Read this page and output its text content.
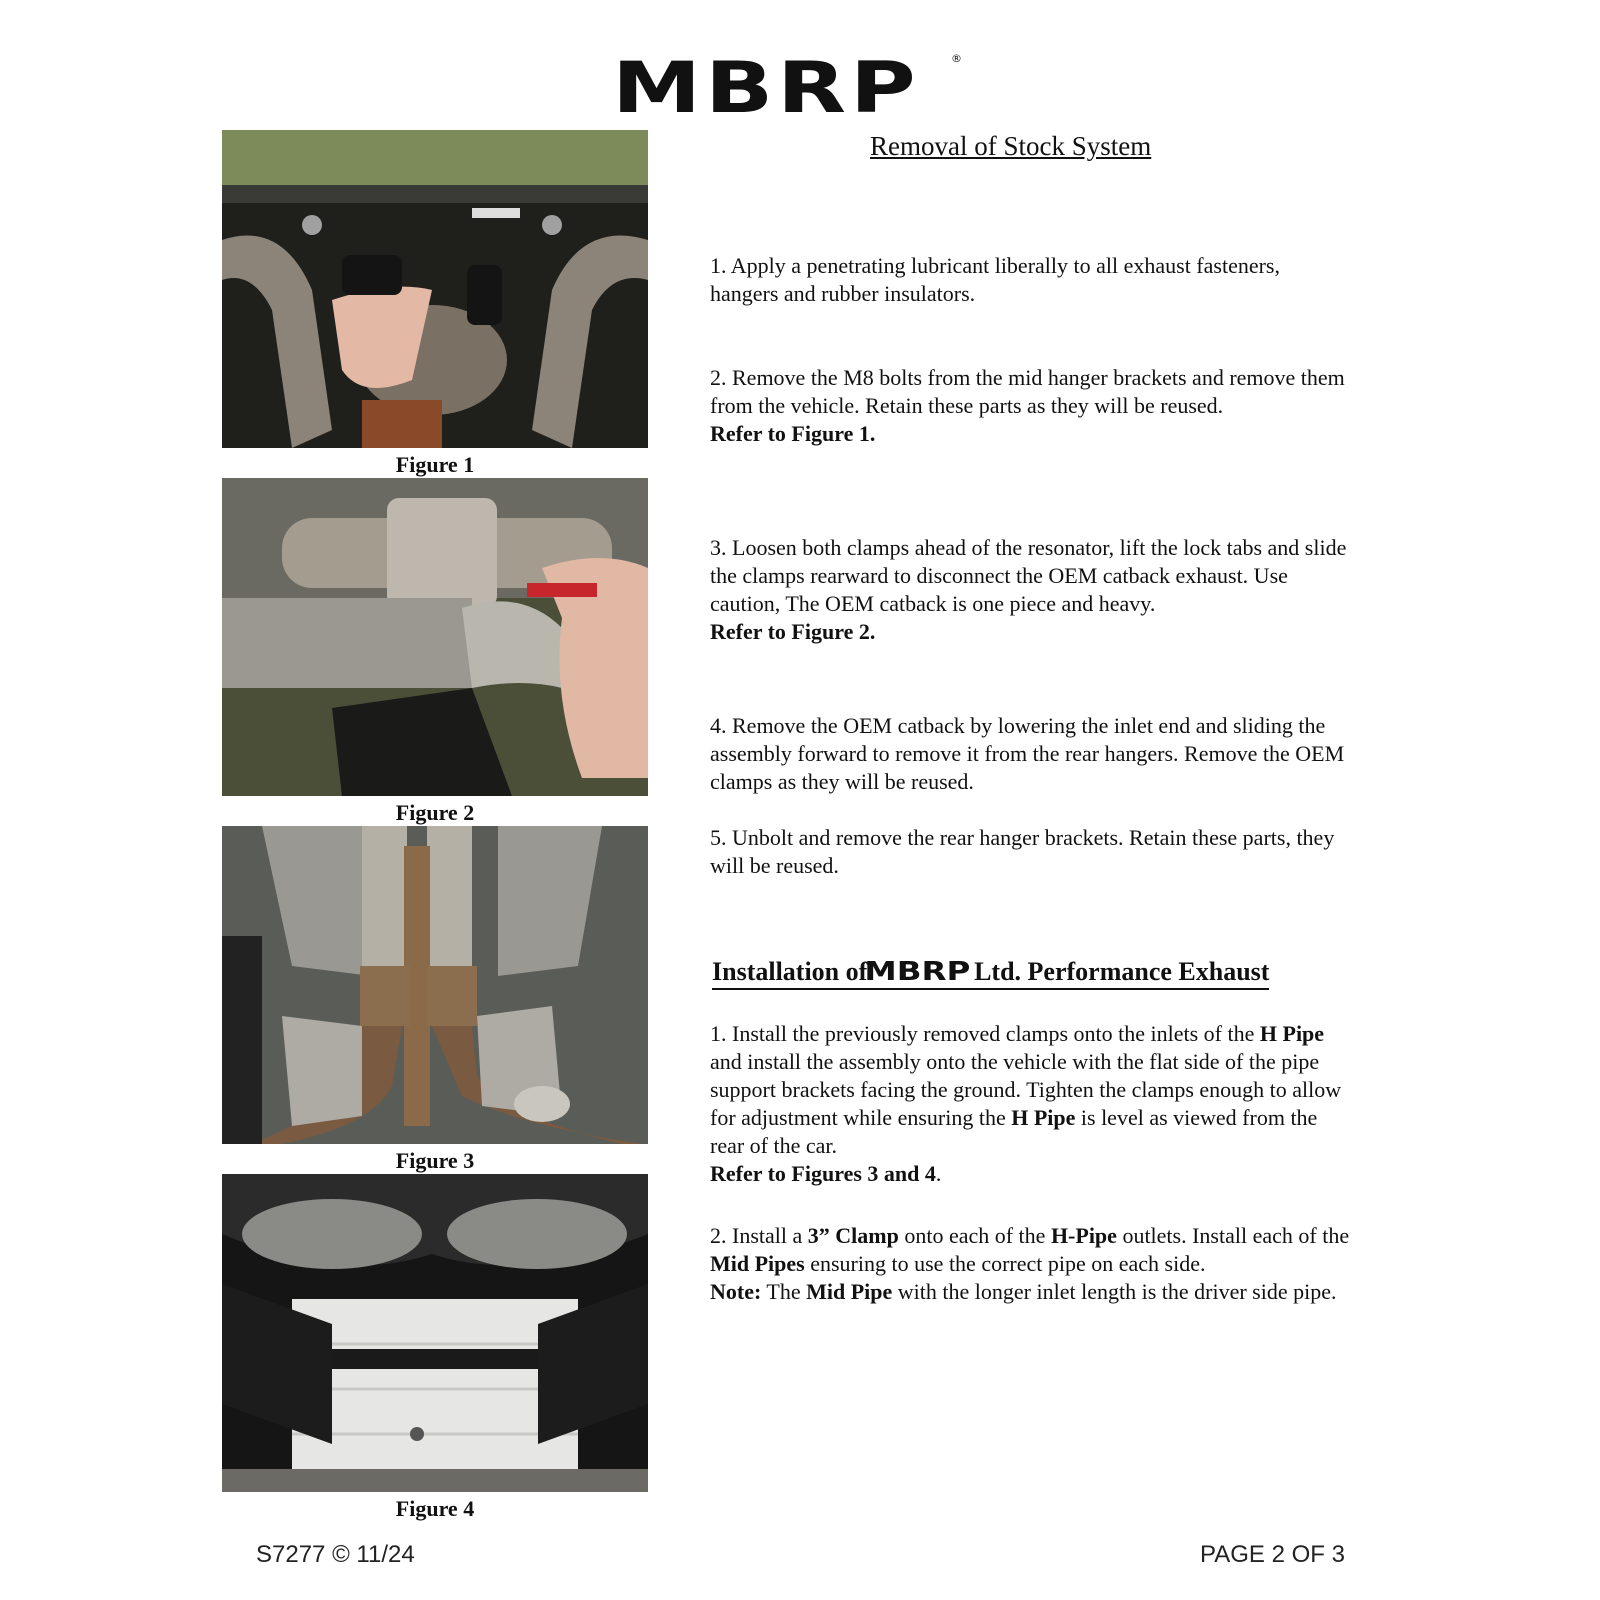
MBRP	®
Figure 1
Figure 2
Figure 3
Figure 4
Removal of Stock System

1. Apply a penetrating lubricant liberally to all exhaust fasteners, hangers and rubber insulators.

2. Remove the M8 bolts from the mid hanger brackets and remove them from the vehicle. Retain these parts as they will be reused.

Refer to Figure 1.

3. Loosen both clamps ahead of the resonator, lift the lock tabs and slide the clamps rearward to disconnect the OEM catback exhaust. Use caution, The OEM catback is one piece and heavy.

Refer to Figure 2.

4. Remove the OEM catback by lowering the inlet end and sliding the assembly forward to remove it from the rear hangers. Remove the OEM clamps as they will be reused.

5. Unbolt and remove the rear hanger brackets. Retain these parts, they will be reused.

Installation ofMBRP Ltd. Performance Exhaust

1. Install the previously removed clamps onto the inlets of the H Pipe and install the assembly onto the vehicle with the flat side of the pipe support brackets facing the ground. Tighten the clamps enough to allow for adjustment while ensuring the H Pipe is level as viewed from the rear of the car.

Refer to Figures 3 and 4.

2. Install a 3” Clamp onto each of the H-Pipe outlets. Install each of the Mid Pipes ensuring to use the correct pipe on each side.

Note: The Mid Pipe with the longer inlet length is the driver side pipe.

S7277 © 11/24	PAGE 2 OF 3
